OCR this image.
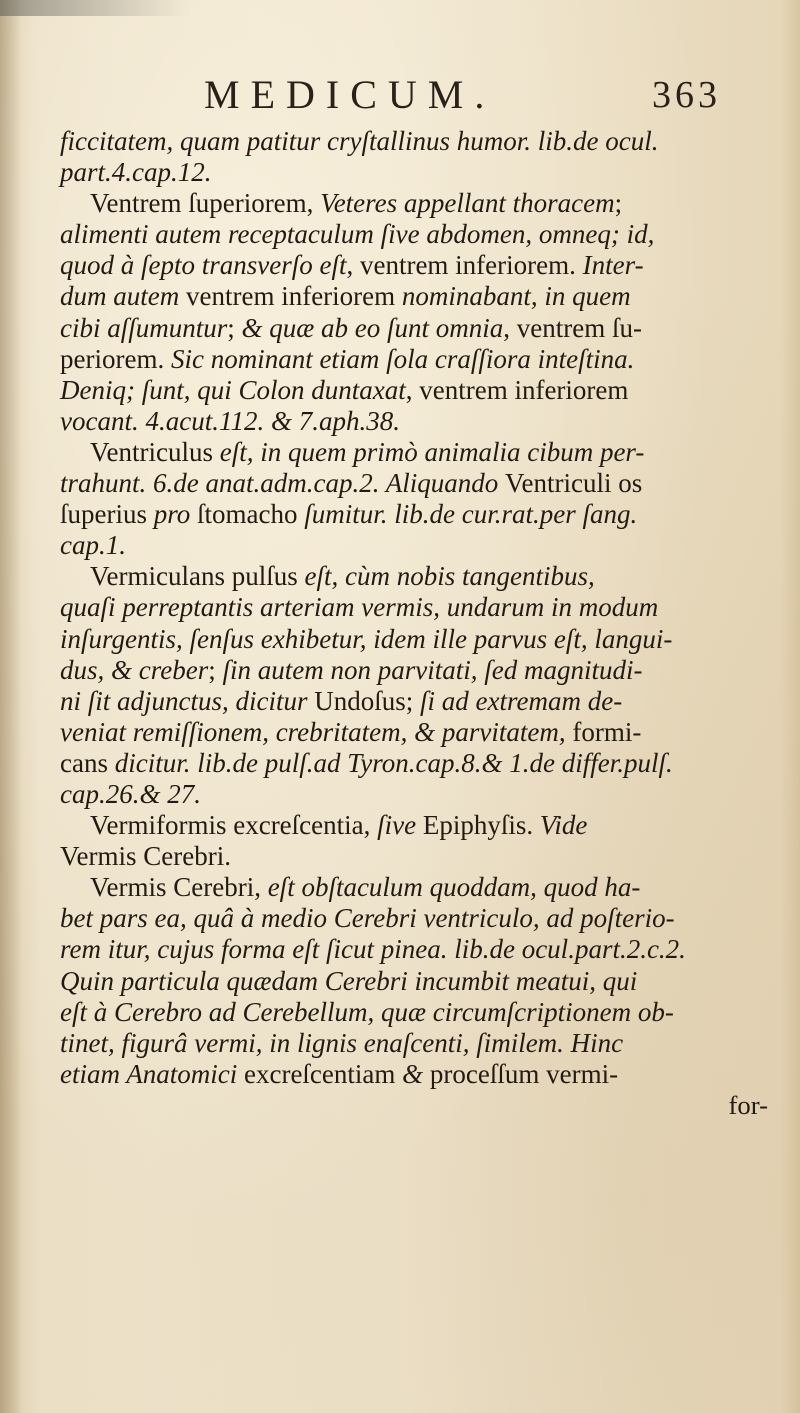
MEDICUM.	363
ficcitatem, quam patitur cryſtallinus humor. lib.de ocul.
part.4.cap.12.
Ventrem ſuperiorem, Veteres appellant thoracem;
alimenti autem receptaculum ſive abdomen, omneq; id,
quod à ſepto transverſo eſt, ventrem inferiorem. Inter-
dum autem ventrem inferiorem nominabant, in quem
cibi aſſumuntur; & quæ ab eo ſunt omnia, ventrem ſu-
periorem. Sic nominant etiam ſola craſſiora inteſtina.
Deniq; ſunt, qui Colon duntaxat, ventrem inferiorem
vocant. 4.acut.112. & 7.aph.38.
Ventriculus eſt, in quem primò animalia cibum per-
trahunt. 6.de anat.adm.cap.2. Aliquando Ventriculi os
ſuperius pro ſtomacho ſumitur. lib.de cur.rat.per ſang.
cap.1.
Vermiculans pulſus eſt, cùm nobis tangentibus,
quaſi perreptantis arteriam vermis, undarum in modum
inſurgentis, ſenſus exhibetur, idem ille parvus eſt, langui-
dus, & creber; ſin autem non parvitati, ſed magnitudi-
ni ſit adjunctus, dicitur Undoſus; ſi ad extremam de-
veniat remiſſionem, crebritatem, & parvitatem, formi-
cans dicitur. lib.de pulſ.ad Tyron.cap.8.& 1.de differ.pulſ.
cap.26.& 27.
Vermiformis excreſcentia, ſive Epiphyſis. Vide
Vermis Cerebri.
Vermis Cerebri, eſt obſtaculum quoddam, quod ha-
bet pars ea, quâ à medio Cerebri ventriculo, ad poſterio-
rem itur, cujus forma eſt ſicut pinea. lib.de ocul.part.2.c.2.
Quin particula quædam Cerebri incumbit meatui, qui
eſt à Cerebro ad Cerebellum, quæ circumſcriptionem ob-
tinet, figurâ vermi, in lignis enaſcenti, ſimilem. Hinc
etiam Anatomici excreſcentiam & proceſſum vermi-
for-
